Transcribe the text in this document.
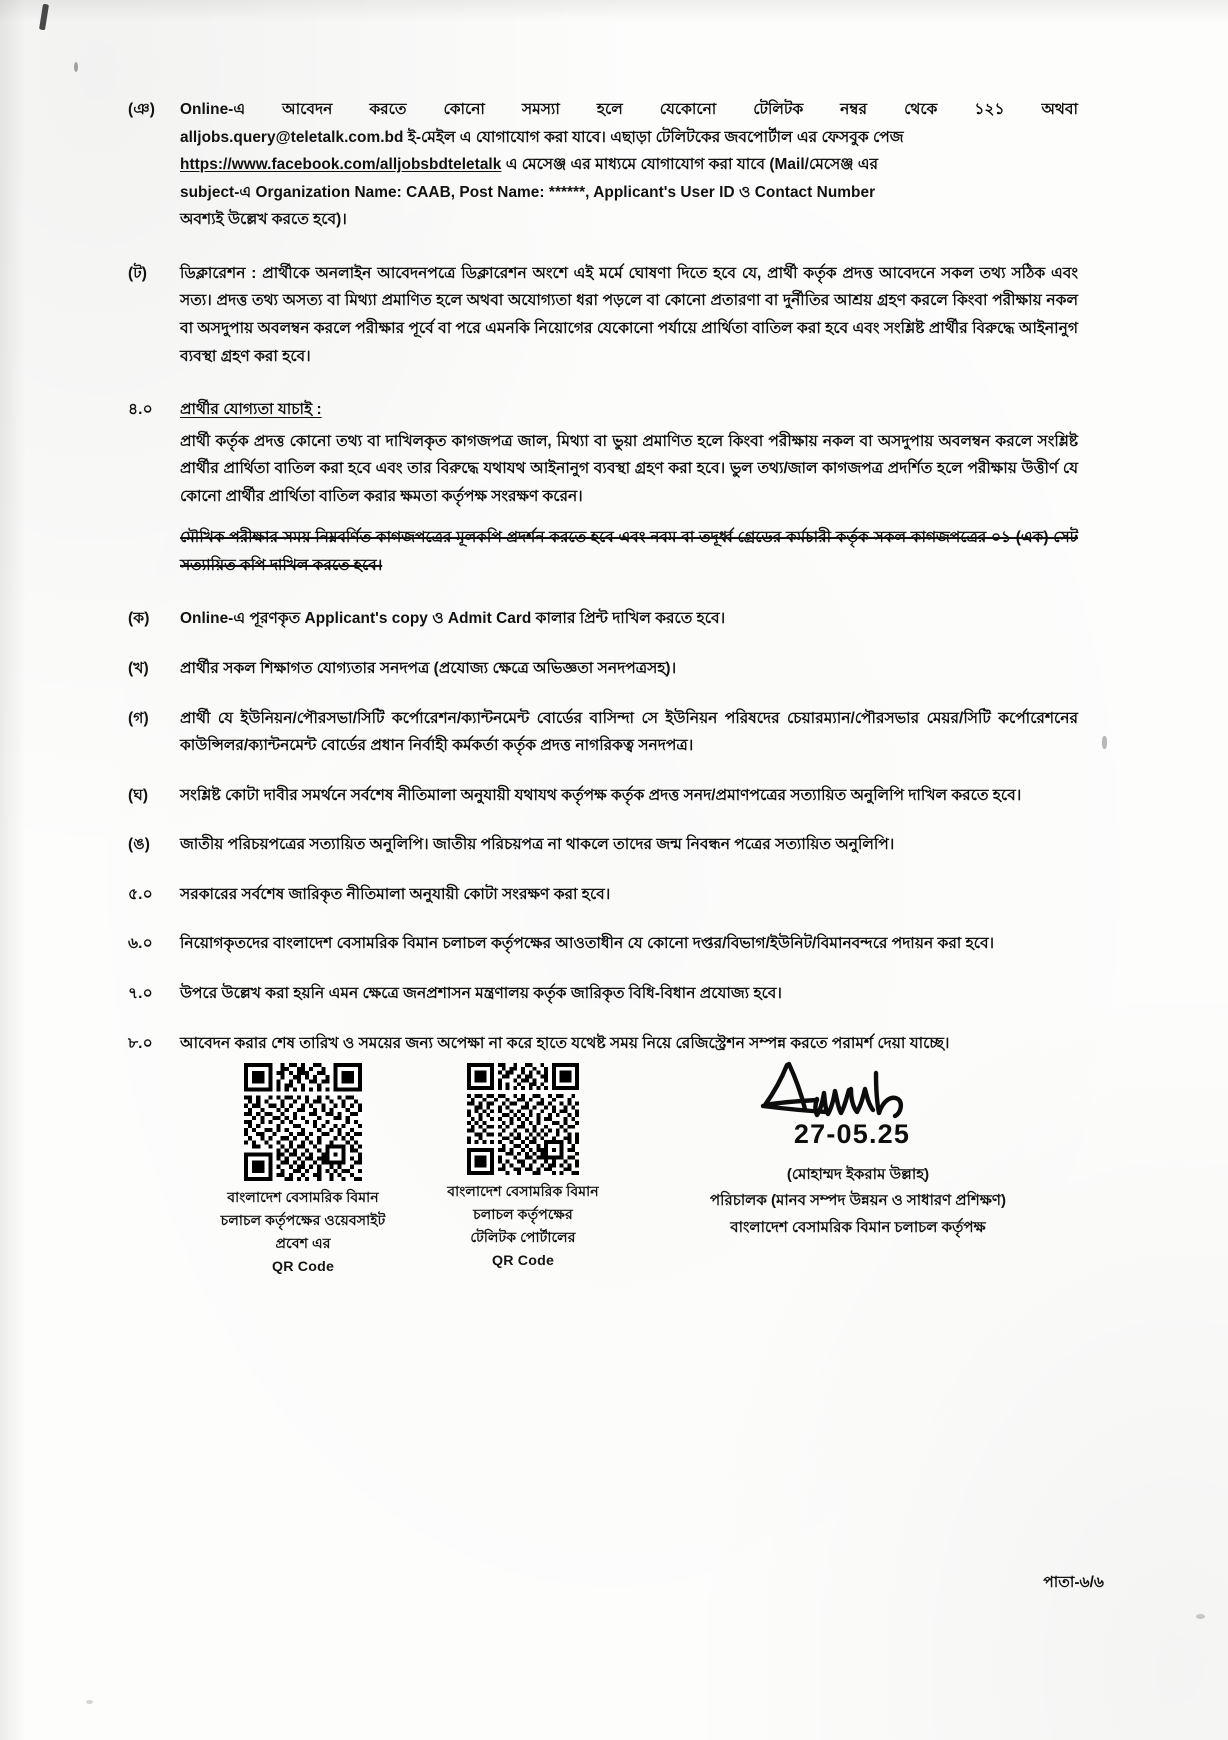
(ঞ)	Online-এ আবেদন করতে কোনো সমস্যা হলে যেকোনো টেলিটক নম্বর থেকে ১২১ অথবা
alljobs.query@teletalk.com.bd ই-মেইল এ যোগাযোগ করা যাবে। এছাড়া টেলিটকের জবপোর্টাল এর ফেসবুক পেজ
https://www.facebook.com/alljobsbdteletalk এ মেসেঞ্জ এর মাধ্যমে যোগাযোগ করা যাবে (Mail/মেসেঞ্জ এর
subject-এ Organization Name: CAAB, Post Name: ******, Applicant's User ID ও Contact Number
অবশ্যই উল্লেখ করতে হবে)।
(ট)	ডিক্লারেশন : প্রার্থীকে অনলাইন আবেদনপত্রে ডিক্লারেশন অংশে এই মর্মে ঘোষণা দিতে হবে যে, প্রার্থী কর্তৃক প্রদত্ত আবেদনে সকল তথ্য সঠিক এবং সত্য। প্রদত্ত তথ্য অসত্য বা মিথ্যা প্রমাণিত হলে অথবা অযোগ্যতা ধরা পড়লে বা কোনো প্রতারণা বা দুর্নীতির আশ্রয় গ্রহণ করলে কিংবা পরীক্ষায় নকল বা অসদুপায় অবলম্বন করলে পরীক্ষার পূর্বে বা পরে এমনকি নিয়োগের যেকোনো পর্যায়ে প্রার্থিতা বাতিল করা হবে এবং সংশ্লিষ্ট প্রার্থীর বিরুদ্ধে আইনানুগ ব্যবস্থা গ্রহণ করা হবে।
৪.০	প্রার্থীর যোগ্যতা যাচাই :
প্রার্থী কর্তৃক প্রদত্ত কোনো তথ্য বা দাখিলকৃত কাগজপত্র জাল, মিথ্যা বা ভুয়া প্রমাণিত হলে কিংবা পরীক্ষায় নকল বা অসদুপায় অবলম্বন করলে সংশ্লিষ্ট প্রার্থীর প্রার্থিতা বাতিল করা হবে এবং তার বিরুদ্ধে যথাযথ আইনানুগ ব্যবস্থা গ্রহণ করা হবে। ভুল তথ্য/জাল কাগজপত্র প্রদর্শিত হলে পরীক্ষায় উত্তীর্ণ যে কোনো প্রার্থীর প্রার্থিতা বাতিল করার ক্ষমতা কর্তৃপক্ষ সংরক্ষণ করেন।
মৌখিক পরীক্ষার সময় নিম্নবর্ণিত কাগজপত্রের মূলকপি প্রদর্শন করতে হবে এবং নবম বা তদূর্ধ্ব গ্রেডের কর্মচারী কর্তৃক সকল কাগজপত্রের ০১ (এক) সেট সত্যায়িত কপি দাখিল করতে হবে।
(ক)	Online-এ পূরণকৃত Applicant's copy ও Admit Card কালার প্রিন্ট দাখিল করতে হবে।
(খ)	প্রার্থীর সকল শিক্ষাগত যোগ্যতার সনদপত্র (প্রযোজ্য ক্ষেত্রে অভিজ্ঞতা সনদপত্রসহ)।
(গ)	প্রার্থী যে ইউনিয়ন/পৌরসভা/সিটি কর্পোরেশন/ক্যান্টনমেন্ট বোর্ডের বাসিন্দা সে ইউনিয়ন পরিষদের চেয়ারম্যান/পৌরসভার মেয়র/সিটি কর্পোরেশনের কাউন্সিলর/ক্যান্টনমেন্ট বোর্ডের প্রধান নির্বাহী কর্মকর্তা কর্তৃক প্রদত্ত নাগরিকত্ব সনদপত্র।
(ঘ)	সংশ্লিষ্ট কোটা দাবীর সমর্থনে সর্বশেষ নীতিমালা অনুযায়ী যথাযথ কর্তৃপক্ষ কর্তৃক প্রদত্ত সনদ/প্রমাণপত্রের সত্যায়িত অনুলিপি দাখিল করতে হবে।
(ঙ)	জাতীয় পরিচয়পত্রের সত্যায়িত অনুলিপি। জাতীয় পরিচয়পত্র না থাকলে তাদের জন্ম নিবন্ধন পত্রের সত্যায়িত অনুলিপি।
৫.০	সরকারের সর্বশেষ জারিকৃত নীতিমালা অনুযায়ী কোটা সংরক্ষণ করা হবে।
৬.০	নিয়োগকৃতদের বাংলাদেশ বেসামরিক বিমান চলাচল কর্তৃপক্ষের আওতাধীন যে কোনো দপ্তর/বিভাগ/ইউনিট/বিমানবন্দরে পদায়ন করা হবে।
৭.০	উপরে উল্লেখ করা হয়নি এমন ক্ষেত্রে জনপ্রশাসন মন্ত্রণালয় কর্তৃক জারিকৃত বিধি-বিধান প্রযোজ্য হবে।
৮.০	আবেদন করার শেষ তারিখ ও সময়ের জন্য অপেক্ষা না করে হাতে যথেষ্ট সময় নিয়ে রেজিস্ট্রেশন সম্পন্ন করতে পরামর্শ দেয়া যাচ্ছে।
বাংলাদেশ বেসামরিক বিমান
চলাচল কর্তৃপক্ষের ওয়েবসাইট
প্রবেশ এর
QR Code
বাংলাদেশ বেসামরিক বিমান
চলাচল কর্তৃপক্ষের
টেলিটক পোর্টালের
QR Code
27-05.25
(মোহাম্মদ ইকরাম উল্লাহ)
পরিচালক (মানব সম্পদ উন্নয়ন ও সাধারণ প্রশিক্ষণ)
বাংলাদেশ বেসামরিক বিমান চলাচল কর্তৃপক্ষ
পাতা-৬/৬
